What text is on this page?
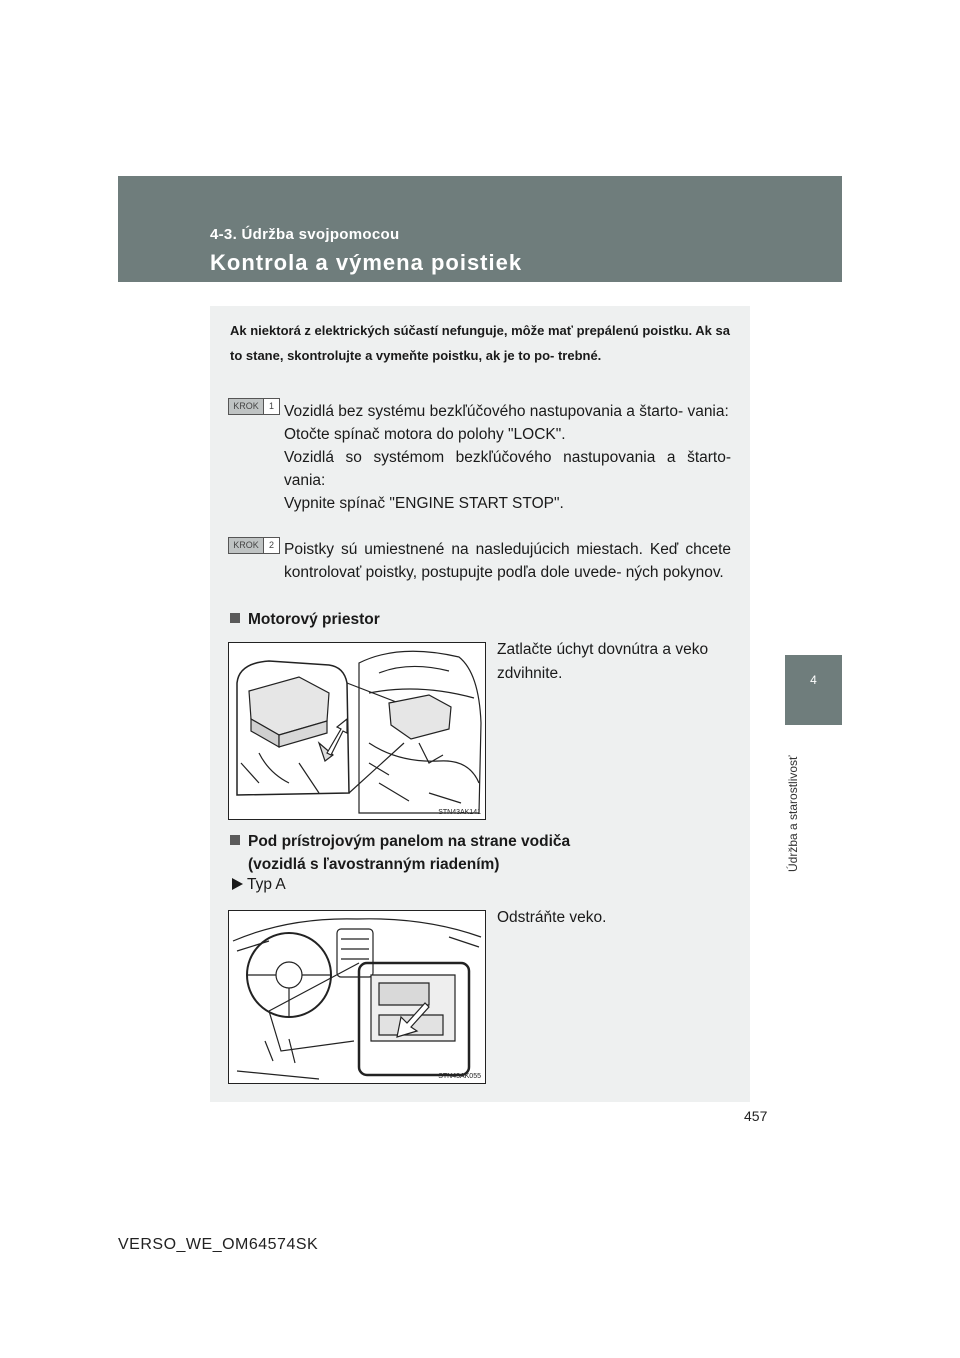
4-3. Údržba svojpomocou
Kontrola a výmena poistiek
4
Údržba a starostlivosť
Ak niektorá z elektrických súčastí nefunguje, môže mať prepálenú poistku. Ak sa to stane, skontrolujte a vymeňte poistku, ak je to po- trebné.
KROK	1 Vozidlá bez systému bezkľúčového nastupovania a štarto- vania:

Otočte spínač motora do polohy "LOCK".

Vozidlá so systémom bezkľúčového nastupovania a štarto- vania:

Vypnite spínač "ENGINE START STOP".

KROK	2 Poistky sú umiestnené na nasledujúcich miestach. Keď chcete kontrolovať poistky, postupujte podľa dole uvede- ných pokynov.

Motorový priestor
Zatlačte úchyt dovnútra a veko zdvihnite.
STN43AK141
Pod prístrojovým panelom na strane vodiča
(vozidlá s ľavostranným riadením)
Typ A
Odstráňte veko.
STN43AK055
457
VERSO_WE_OM64574SK
